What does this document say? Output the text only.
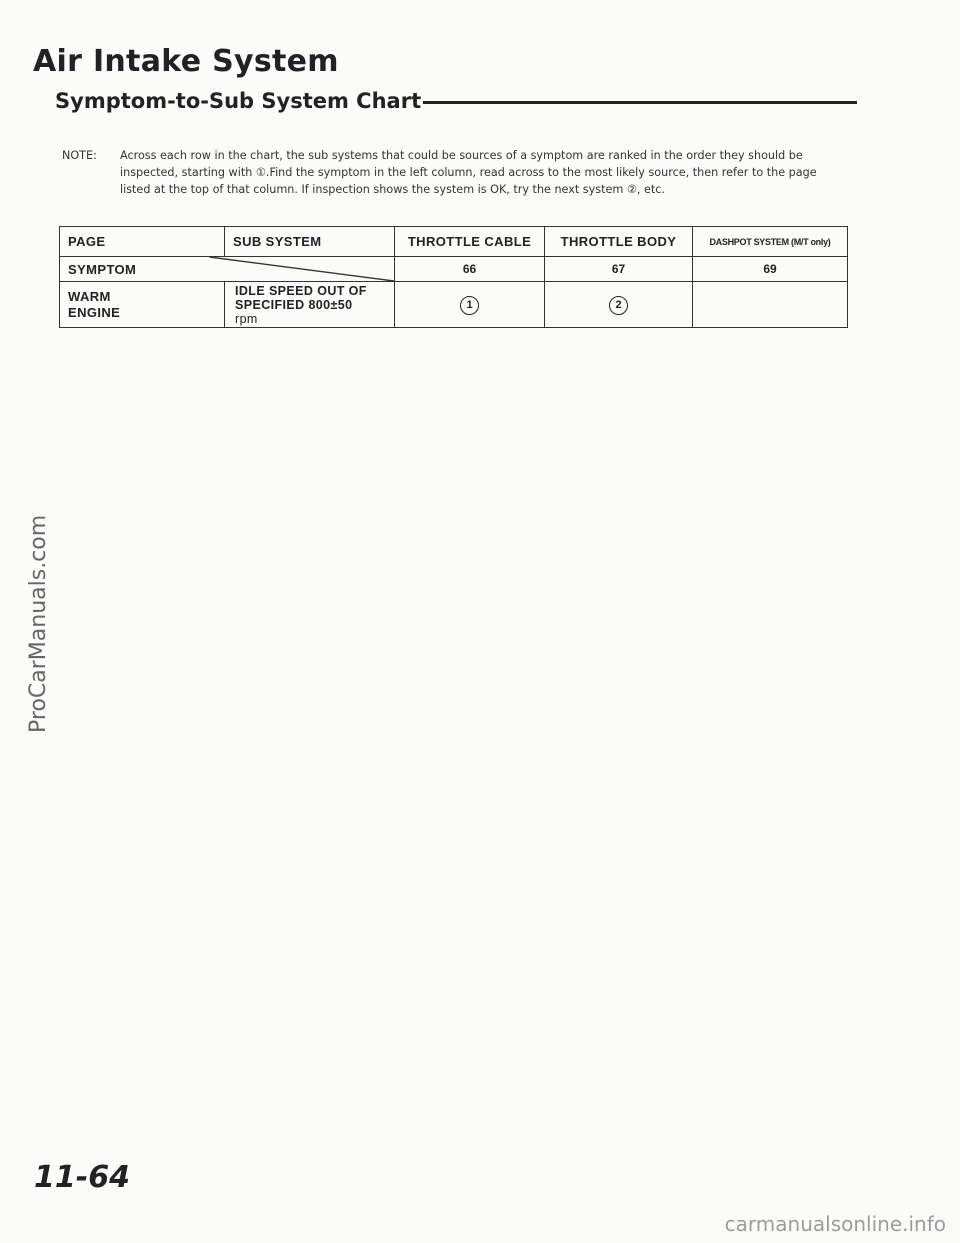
Air Intake System
Symptom-to-Sub System Chart
NOTE: Across each row in the chart, the sub systems that could be sources of a symptom are ranked in the order they should be inspected, starting with ①.Find the symptom in the left column, read across to the most likely source, then refer to the page listed at the top of that column. If inspection shows the system is OK, try the next system ②, etc.
PAGE	SUB SYSTEM	THROTTLE CABLE	THROTTLE BODY	DASHPOT SYSTEM (M/T only)

SYMPTOM		66	67	69

WARM
ENGINE	IDLE SPEED OUT OF
SPECIFIED 800±50
rpm	1	2	
11-64
ProCarManuals.com
carmanualsonline.info
